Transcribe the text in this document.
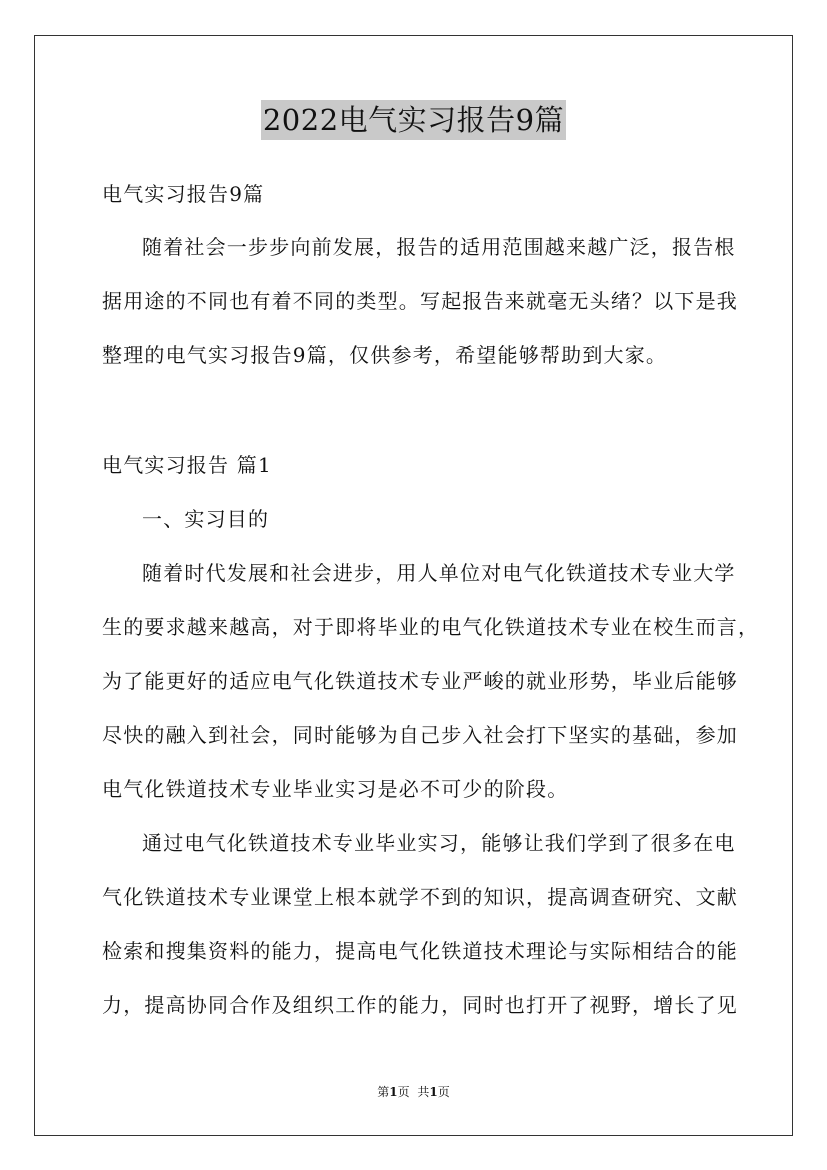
2022电气实习报告9篇
电气实习报告9篇
随着社会一步步向前发展，报告的适用范围越来越广泛，报告根
据用途的不同也有着不同的类型。写起报告来就毫无头绪？以下是我
整理的电气实习报告9篇，仅供参考，希望能够帮助到大家。
电气实习报告 篇1
一、实习目的
随着时代发展和社会进步，用人单位对电气化铁道技术专业大学
生的要求越来越高，对于即将毕业的电气化铁道技术专业在校生而言，
为了能更好的适应电气化铁道技术专业严峻的就业形势，毕业后能够
尽快的融入到社会，同时能够为自己步入社会打下坚实的基础，参加
电气化铁道技术专业毕业实习是必不可少的阶段。
通过电气化铁道技术专业毕业实习，能够让我们学到了很多在电
气化铁道技术专业课堂上根本就学不到的知识，提高调查研究、文献
检索和搜集资料的能力，提高电气化铁道技术理论与实际相结合的能
力，提高协同合作及组织工作的能力，同时也打开了视野，增长了见
第1页 共1页
